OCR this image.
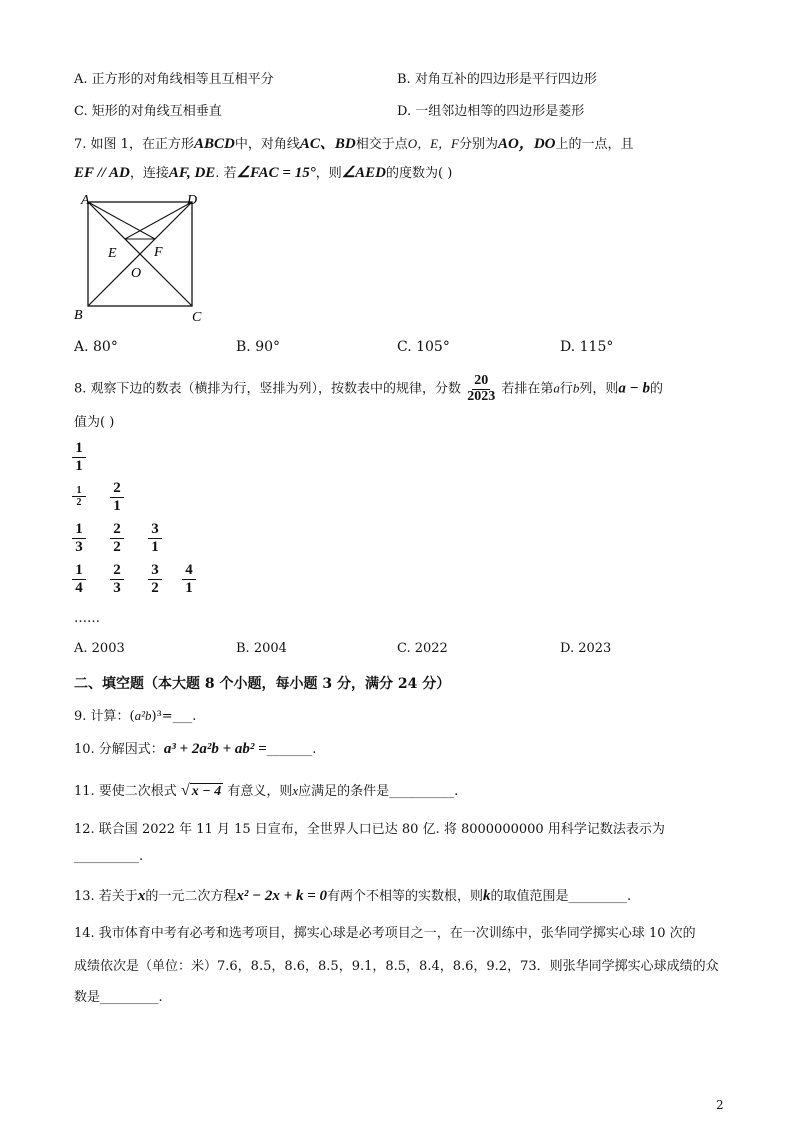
A. 正方形的对角线相等且互相平分	B. 对角互补的四边形是平行四边形
C. 矩形的对角线互相垂直	D. 一组邻边相等的四边形是菱形
7. 如图 1，在正方形ABCD中，对角线AC、BD相交于点O，E，F分别为AO，DO上的一点，且
EF // AD，连接AF, DE. 若∠FAC = 15°，则∠AED的度数为( )
A	D
B	C
E	F
O
A. 80°	B. 90°	C. 105°	D. 115°
8. 观察下边的数表（横排为行，竖排为列），按数表中的规律，分数 $\frac{20}{2023}$ 若排在第a行b列，则a − b的
值为( )
$\frac{1}{1}$
$\frac{1}{2} \frac{2}{1}$
$\frac{1}{3} \frac{2}{2} \frac{3}{1}$
$\frac{1}{4} \frac{2}{3} \frac{3}{2} \frac{4}{1}$
……
A. 2003	B. 2004	C. 2022	D. 2023
二、填空题（本大题 8 个小题，每小题 3 分，满分 24 分）
9. 计算：(a²b)³=___.
10. 分解因式：a³ + 2a²b + ab² =_______.
11. 要使二次根式 √ x − 4 有意义，则x应满足的条件是__________.
12. 联合国 2022 年 11 月 15 日宣布，全世界人口已达 80 亿. 将 8000000000 用科学记数法表示为
__________.
13. 若关于x的一元二次方程x² − 2x + k = 0有两个不相等的实数根，则k的取值范围是_________.
14. 我市体育中考有必考和选考项目，掷实心球是必考项目之一，在一次训练中，张华同学掷实心球 10 次的
成绩依次是（单位：米）7.6，8.5，8.6，8.5，9.1，8.5，8.4，8.6，9.2，73．则张华同学掷实心球成绩的众
数是_________.
2
